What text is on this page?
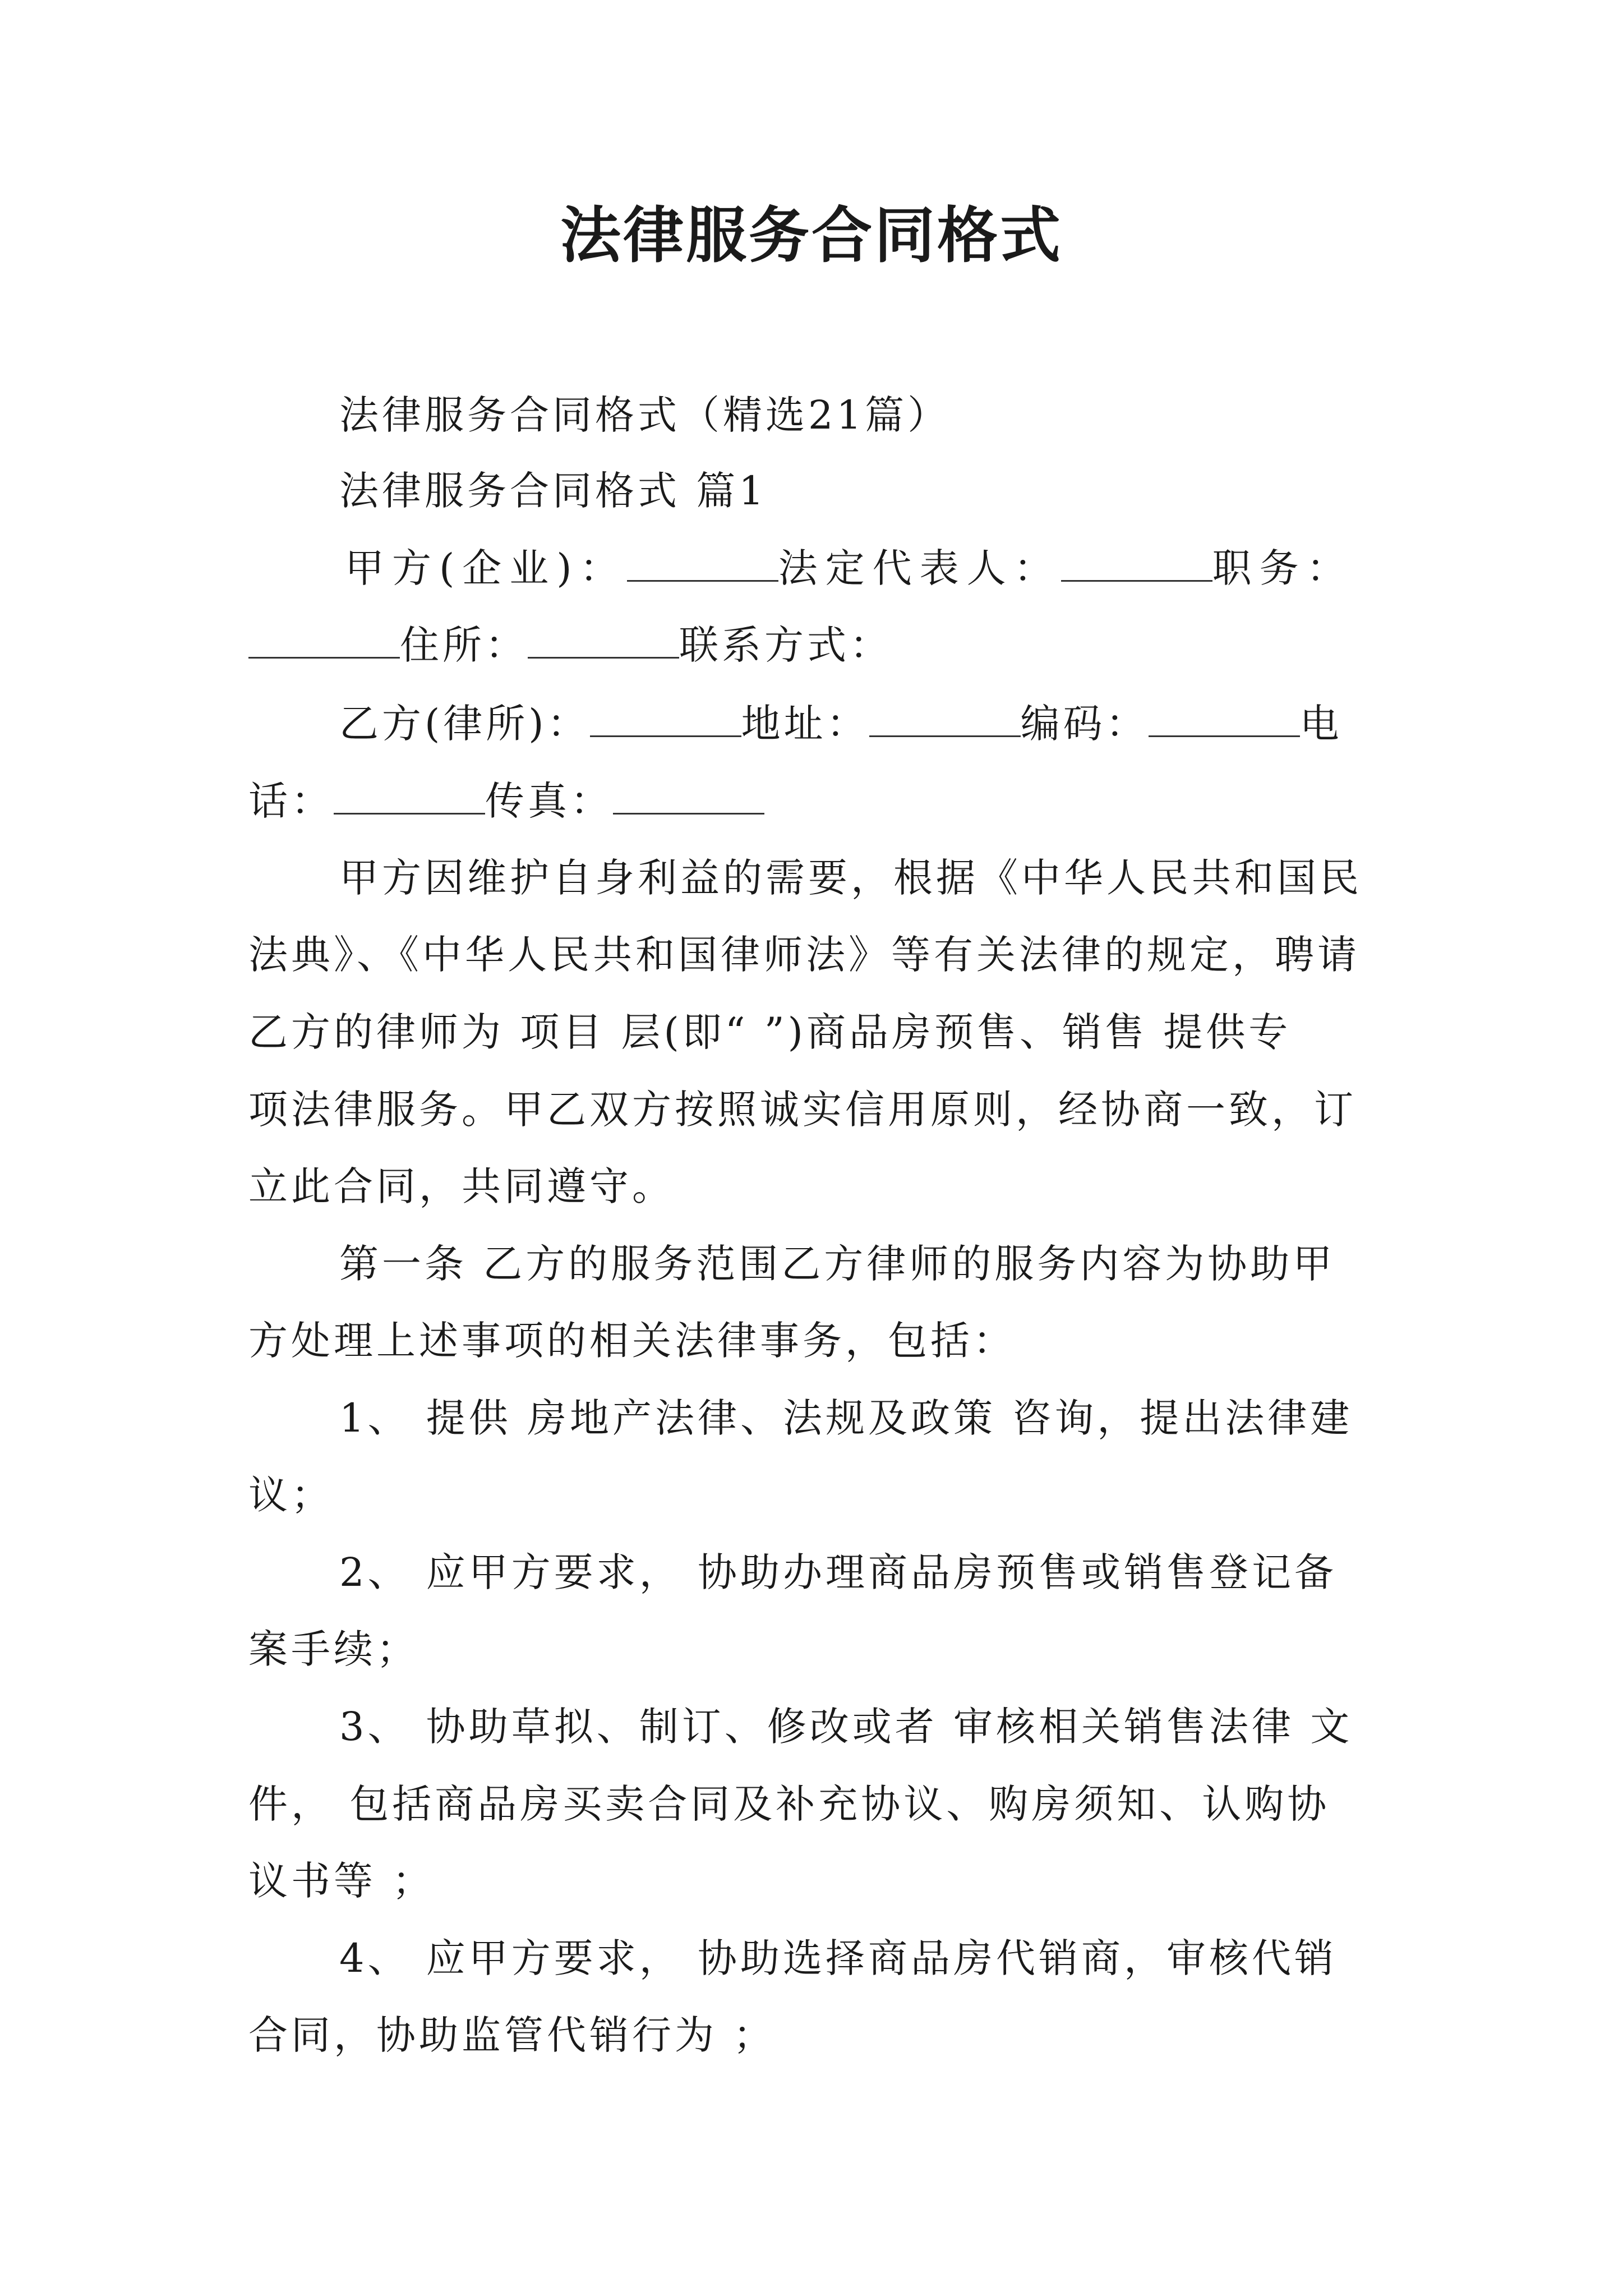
法律服务合同格式
法律服务合同格式（精选21篇）
法律服务合同格式 篇1
甲方(企业)：	法定代表人：	职务：
住所：	联系方式：
乙方(律所)：	地址：	编码：	电
话：	传真：
甲方因维护自身利益的需要，根据《中华人民共和国民
法典》、《中华人民共和国律师法》等有关法律的规定，聘请
乙方的律师为 项目 层(即“ ”)商品房预售、销售 提供专
项法律服务。甲乙双方按照诚实信用原则，经协商一致，订
立此合同，共同遵守。
第一条 乙方的服务范围乙方律师的服务内容为协助甲
方处理上述事项的相关法律事务，包括：
1、 提供 房地产法律、法规及政策 咨询，提出法律建
议；
2、 应甲方要求， 协助办理商品房预售或销售登记备
案手续；
3、 协助草拟、制订、修改或者 审核相关销售法律 文
件， 包括商品房买卖合同及补充协议、购房须知、认购协
议书等 ；
4、 应甲方要求， 协助选择商品房代销商，审核代销
合同，协助监管代销行为 ；
